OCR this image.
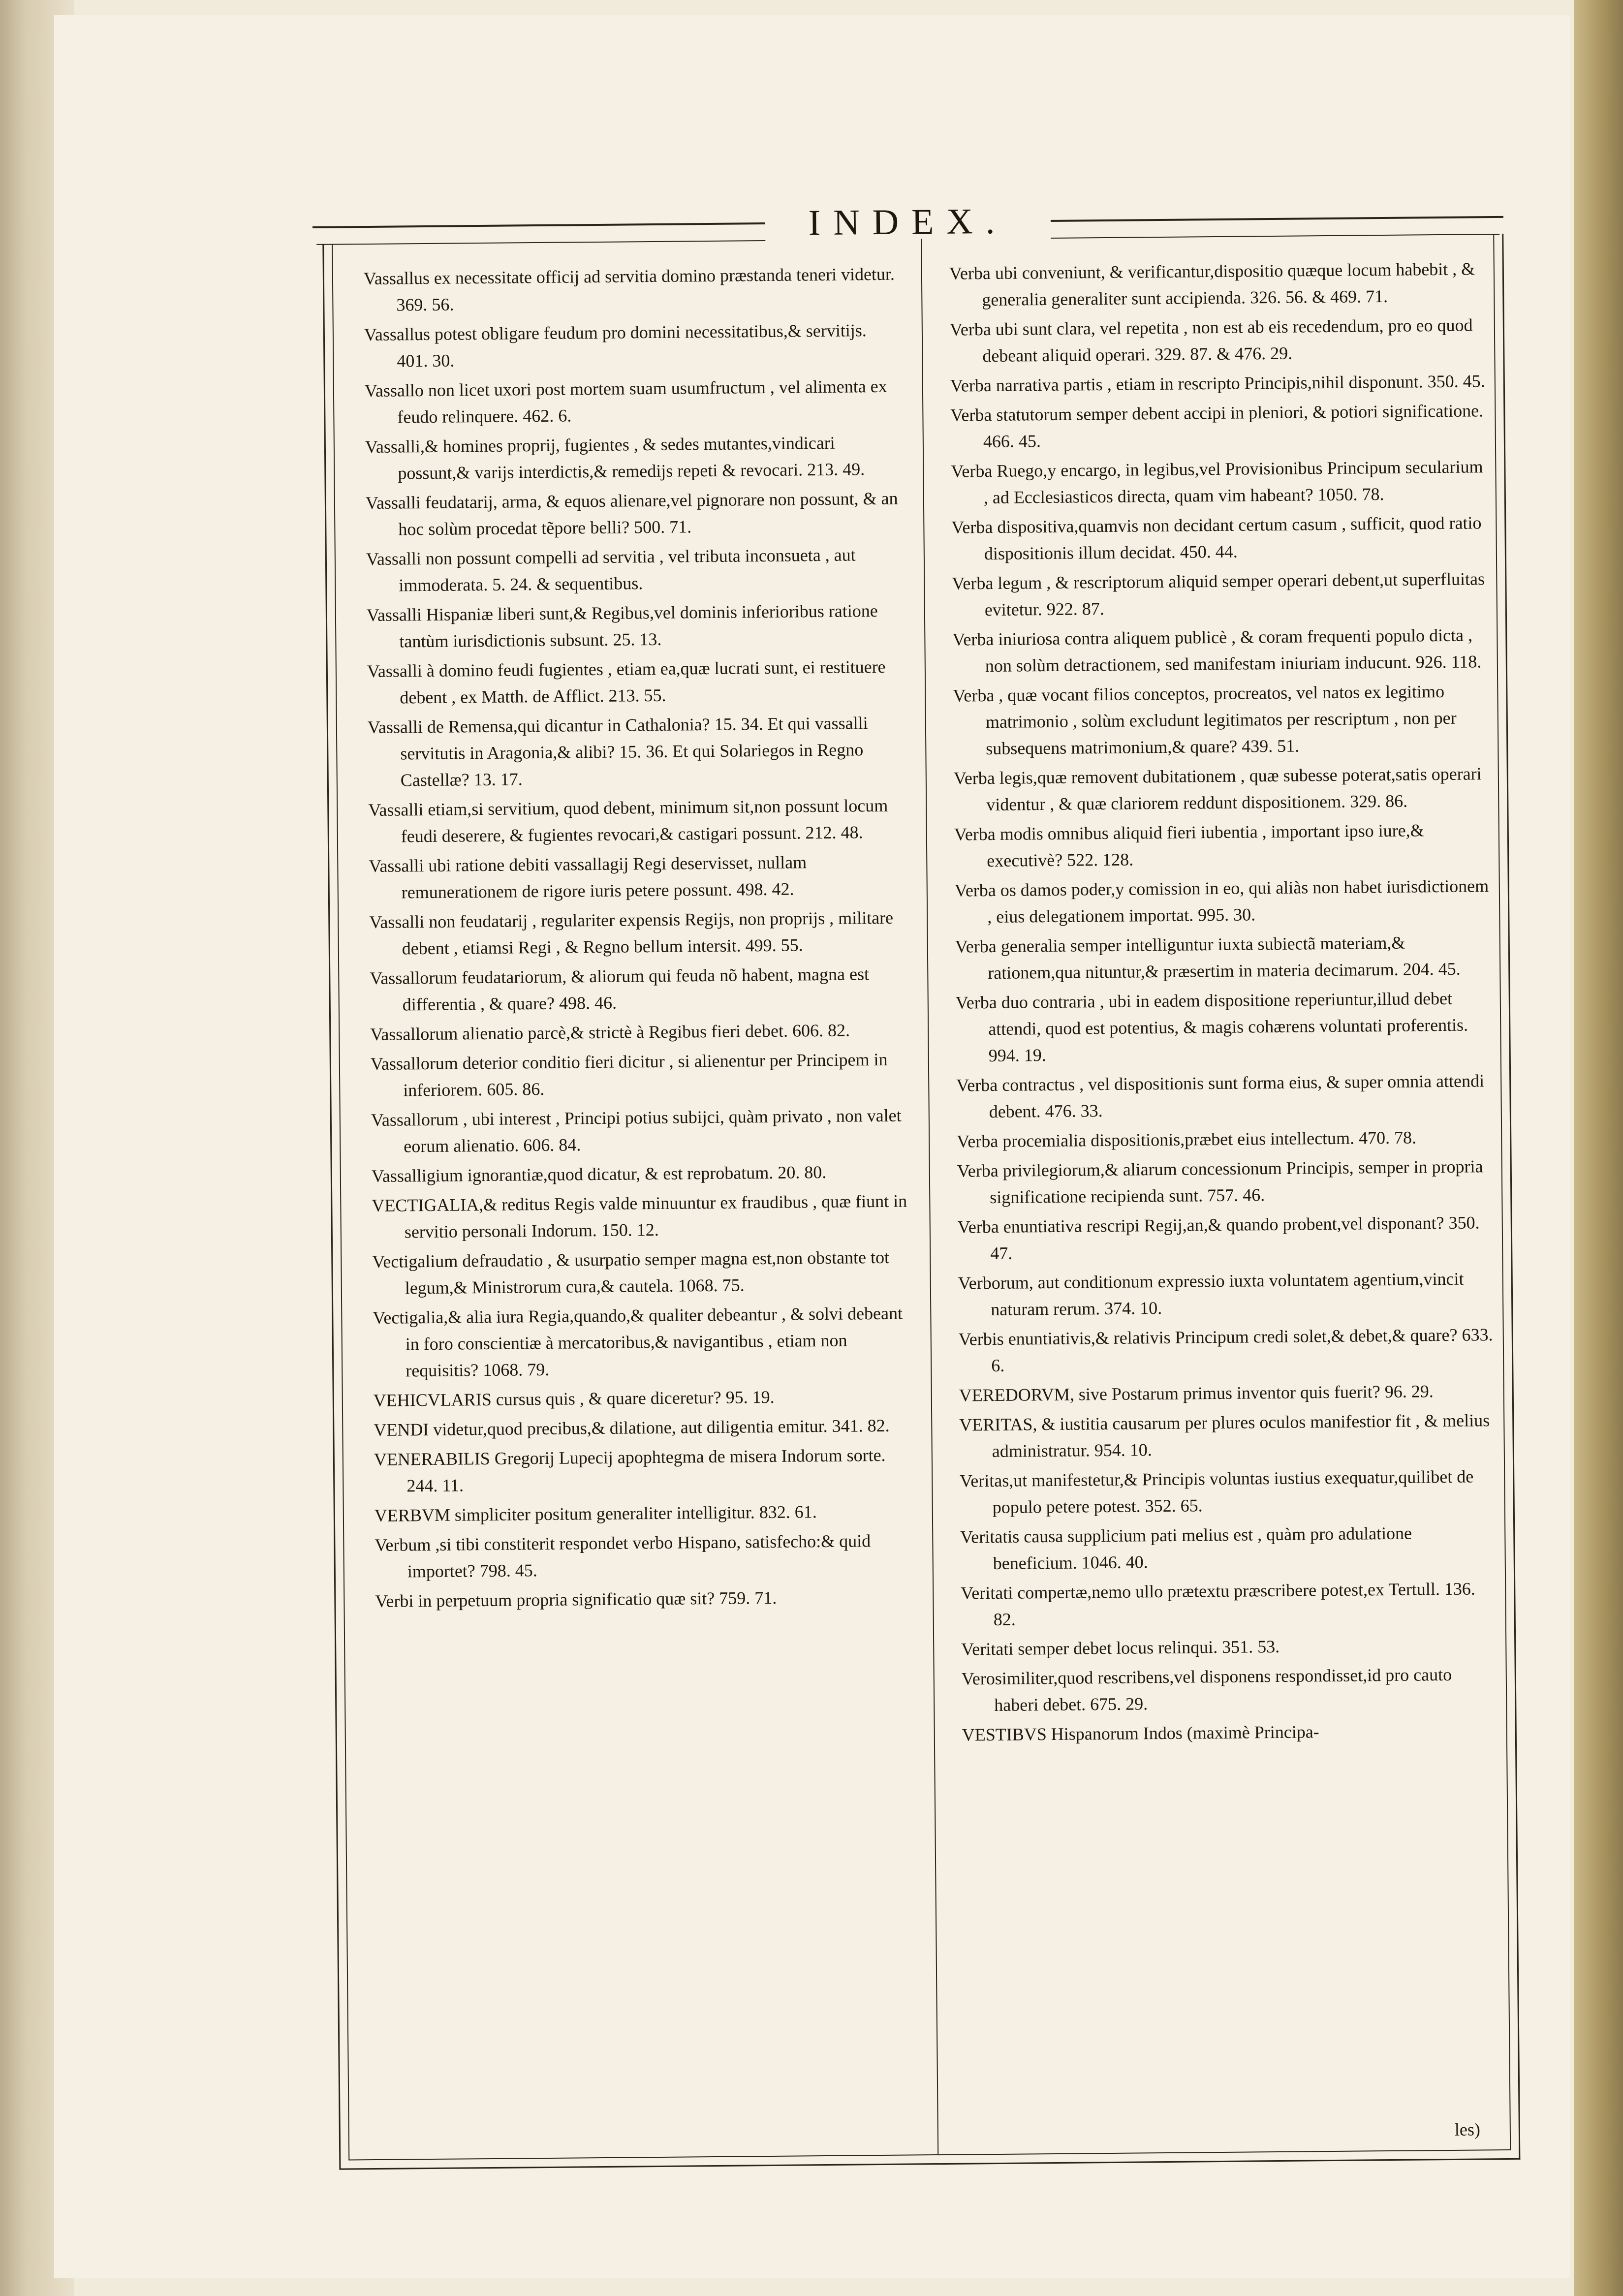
INDEX.
Vassallus ex necessitate officij ad servitia domino præstanda teneri videtur. 369. 56.
Vassallus potest obligare feudum pro domini necessitatibus,& servitijs. 401. 30.
Vassallo non licet uxori post mortem suam usumfructum , vel alimenta ex feudo relinquere. 462. 6.
Vassalli,& homines proprij, fugientes , & sedes mutantes,vindicari possunt,& varijs interdictis,& remedijs repeti & revocari. 213. 49.
Vassalli feudatarij, arma, & equos alienare,vel pignorare non possunt, & an hoc solùm procedat tẽpore belli? 500. 71.
Vassalli non possunt compelli ad servitia , vel tributa inconsueta , aut immoderata. 5. 24. & sequentibus.
Vassalli Hispaniæ liberi sunt,& Regibus,vel dominis inferioribus ratione tantùm iurisdictionis subsunt. 25. 13.
Vassalli à domino feudi fugientes , etiam ea,quæ lucrati sunt, ei restituere debent , ex Matth. de Afflict. 213. 55.
Vassalli de Remensa,qui dicantur in Cathalonia? 15. 34. Et qui vassalli servitutis in Aragonia,& alibi? 15. 36. Et qui Solariegos in Regno Castellæ? 13. 17.
Vassalli etiam,si servitium, quod debent, minimum sit,non possunt locum feudi deserere, & fugientes revocari,& castigari possunt. 212. 48.
Vassalli ubi ratione debiti vassallagij Regi deservisset, nullam remunerationem de rigore iuris petere possunt. 498. 42.
Vassalli non feudatarij , regulariter expensis Regijs, non proprijs , militare debent , etiamsi Regi , & Regno bellum intersit. 499. 55.
Vassallorum feudatariorum, & aliorum qui feuda nõ habent, magna est differentia , & quare? 498. 46.
Vassallorum alienatio parcè,& strictè à Regibus fieri debet. 606. 82.
Vassallorum deterior conditio fieri dicitur , si alienentur per Principem in inferiorem. 605. 86.
Vassallorum , ubi interest , Principi potius subijci, quàm privato , non valet eorum alienatio. 606. 84.
Vassalligium ignorantiæ,quod dicatur, & est reprobatum. 20. 80.
VECTIGALIA,& reditus Regis valde minuuntur ex fraudibus , quæ fiunt in servitio personali Indorum. 150. 12.
Vectigalium defraudatio , & usurpatio semper magna est,non obstante tot legum,& Ministrorum cura,& cautela. 1068. 75.
Vectigalia,& alia iura Regia,quando,& qualiter debeantur , & solvi debeant in foro conscientiæ à mercatoribus,& navigantibus , etiam non requisitis? 1068. 79.
VEHICVLARIS cursus quis , & quare diceretur? 95. 19.
VENDI videtur,quod precibus,& dilatione, aut diligentia emitur. 341. 82.
VENERABILIS Gregorij Lupecij apophtegma de misera Indorum sorte. 244. 11.
VERBVM simpliciter positum generaliter intelligitur. 832. 61.
Verbum ,si tibi constiterit respondet verbo Hispano, satisfecho:& quid importet? 798. 45.
Verbi in perpetuum propria significatio quæ sit? 759. 71.
Verba ubi conveniunt, & verificantur,dispositio quæque locum habebit , & generalia generaliter sunt accipienda. 326. 56. & 469. 71.
Verba ubi sunt clara, vel repetita , non est ab eis recedendum, pro eo quod debeant aliquid operari. 329. 87. & 476. 29.
Verba narrativa partis , etiam in rescripto Principis,nihil disponunt. 350. 45.
Verba statutorum semper debent accipi in pleniori, & potiori significatione. 466. 45.
Verba Ruego,y encargo, in legibus,vel Provisionibus Principum secularium , ad Ecclesiasticos directa, quam vim habeant? 1050. 78.
Verba dispositiva,quamvis non decidant certum casum , sufficit, quod ratio dispositionis illum decidat. 450. 44.
Verba legum , & rescriptorum aliquid semper operari debent,ut superfluitas evitetur. 922. 87.
Verba iniuriosa contra aliquem publicè , & coram frequenti populo dicta , non solùm detractionem, sed manifestam iniuriam inducunt. 926. 118.
Verba , quæ vocant filios conceptos, procreatos, vel natos ex legitimo matrimonio , solùm excludunt legitimatos per rescriptum , non per subsequens matrimonium,& quare? 439. 51.
Verba legis,quæ removent dubitationem , quæ subesse poterat,satis operari videntur , & quæ clariorem reddunt dispositionem. 329. 86.
Verba modis omnibus aliquid fieri iubentia , important ipso iure,& executivè? 522. 128.
Verba os damos poder,y comission in eo, qui aliàs non habet iurisdictionem , eius delegationem importat. 995. 30.
Verba generalia semper intelliguntur iuxta subiectã materiam,& rationem,qua nituntur,& præsertim in materia decimarum. 204. 45.
Verba duo contraria , ubi in eadem dispositione reperiuntur,illud debet attendi, quod est potentius, & magis cohærens voluntati proferentis. 994. 19.
Verba contractus , vel dispositionis sunt forma eius, & super omnia attendi debent. 476. 33.
Verba procemialia dispositionis,præbet eius intellectum. 470. 78.
Verba privilegiorum,& aliarum concessionum Principis, semper in propria significatione recipienda sunt. 757. 46.
Verba enuntiativa rescripi Regij,an,& quando probent,vel disponant? 350. 47.
Verborum, aut conditionum expressio iuxta voluntatem agentium,vincit naturam rerum. 374. 10.
Verbis enuntiativis,& relativis Principum credi solet,& debet,& quare? 633. 6.
VEREDORVM, sive Postarum primus inventor quis fuerit? 96. 29.
VERITAS, & iustitia causarum per plures oculos manifestior fit , & melius administratur. 954. 10.
Veritas,ut manifestetur,& Principis voluntas iustius exequatur,quilibet de populo petere potest. 352. 65.
Veritatis causa supplicium pati melius est , quàm pro adulatione beneficium. 1046. 40.
Veritati compertæ,nemo ullo prætextu præscribere potest,ex Tertull. 136. 82.
Veritati semper debet locus relinqui. 351. 53.
Verosimiliter,quod rescribens,vel disponens respondisset,id pro cauto haberi debet. 675. 29.
VESTIBVS Hispanorum Indos (maximè Principa-
les)
